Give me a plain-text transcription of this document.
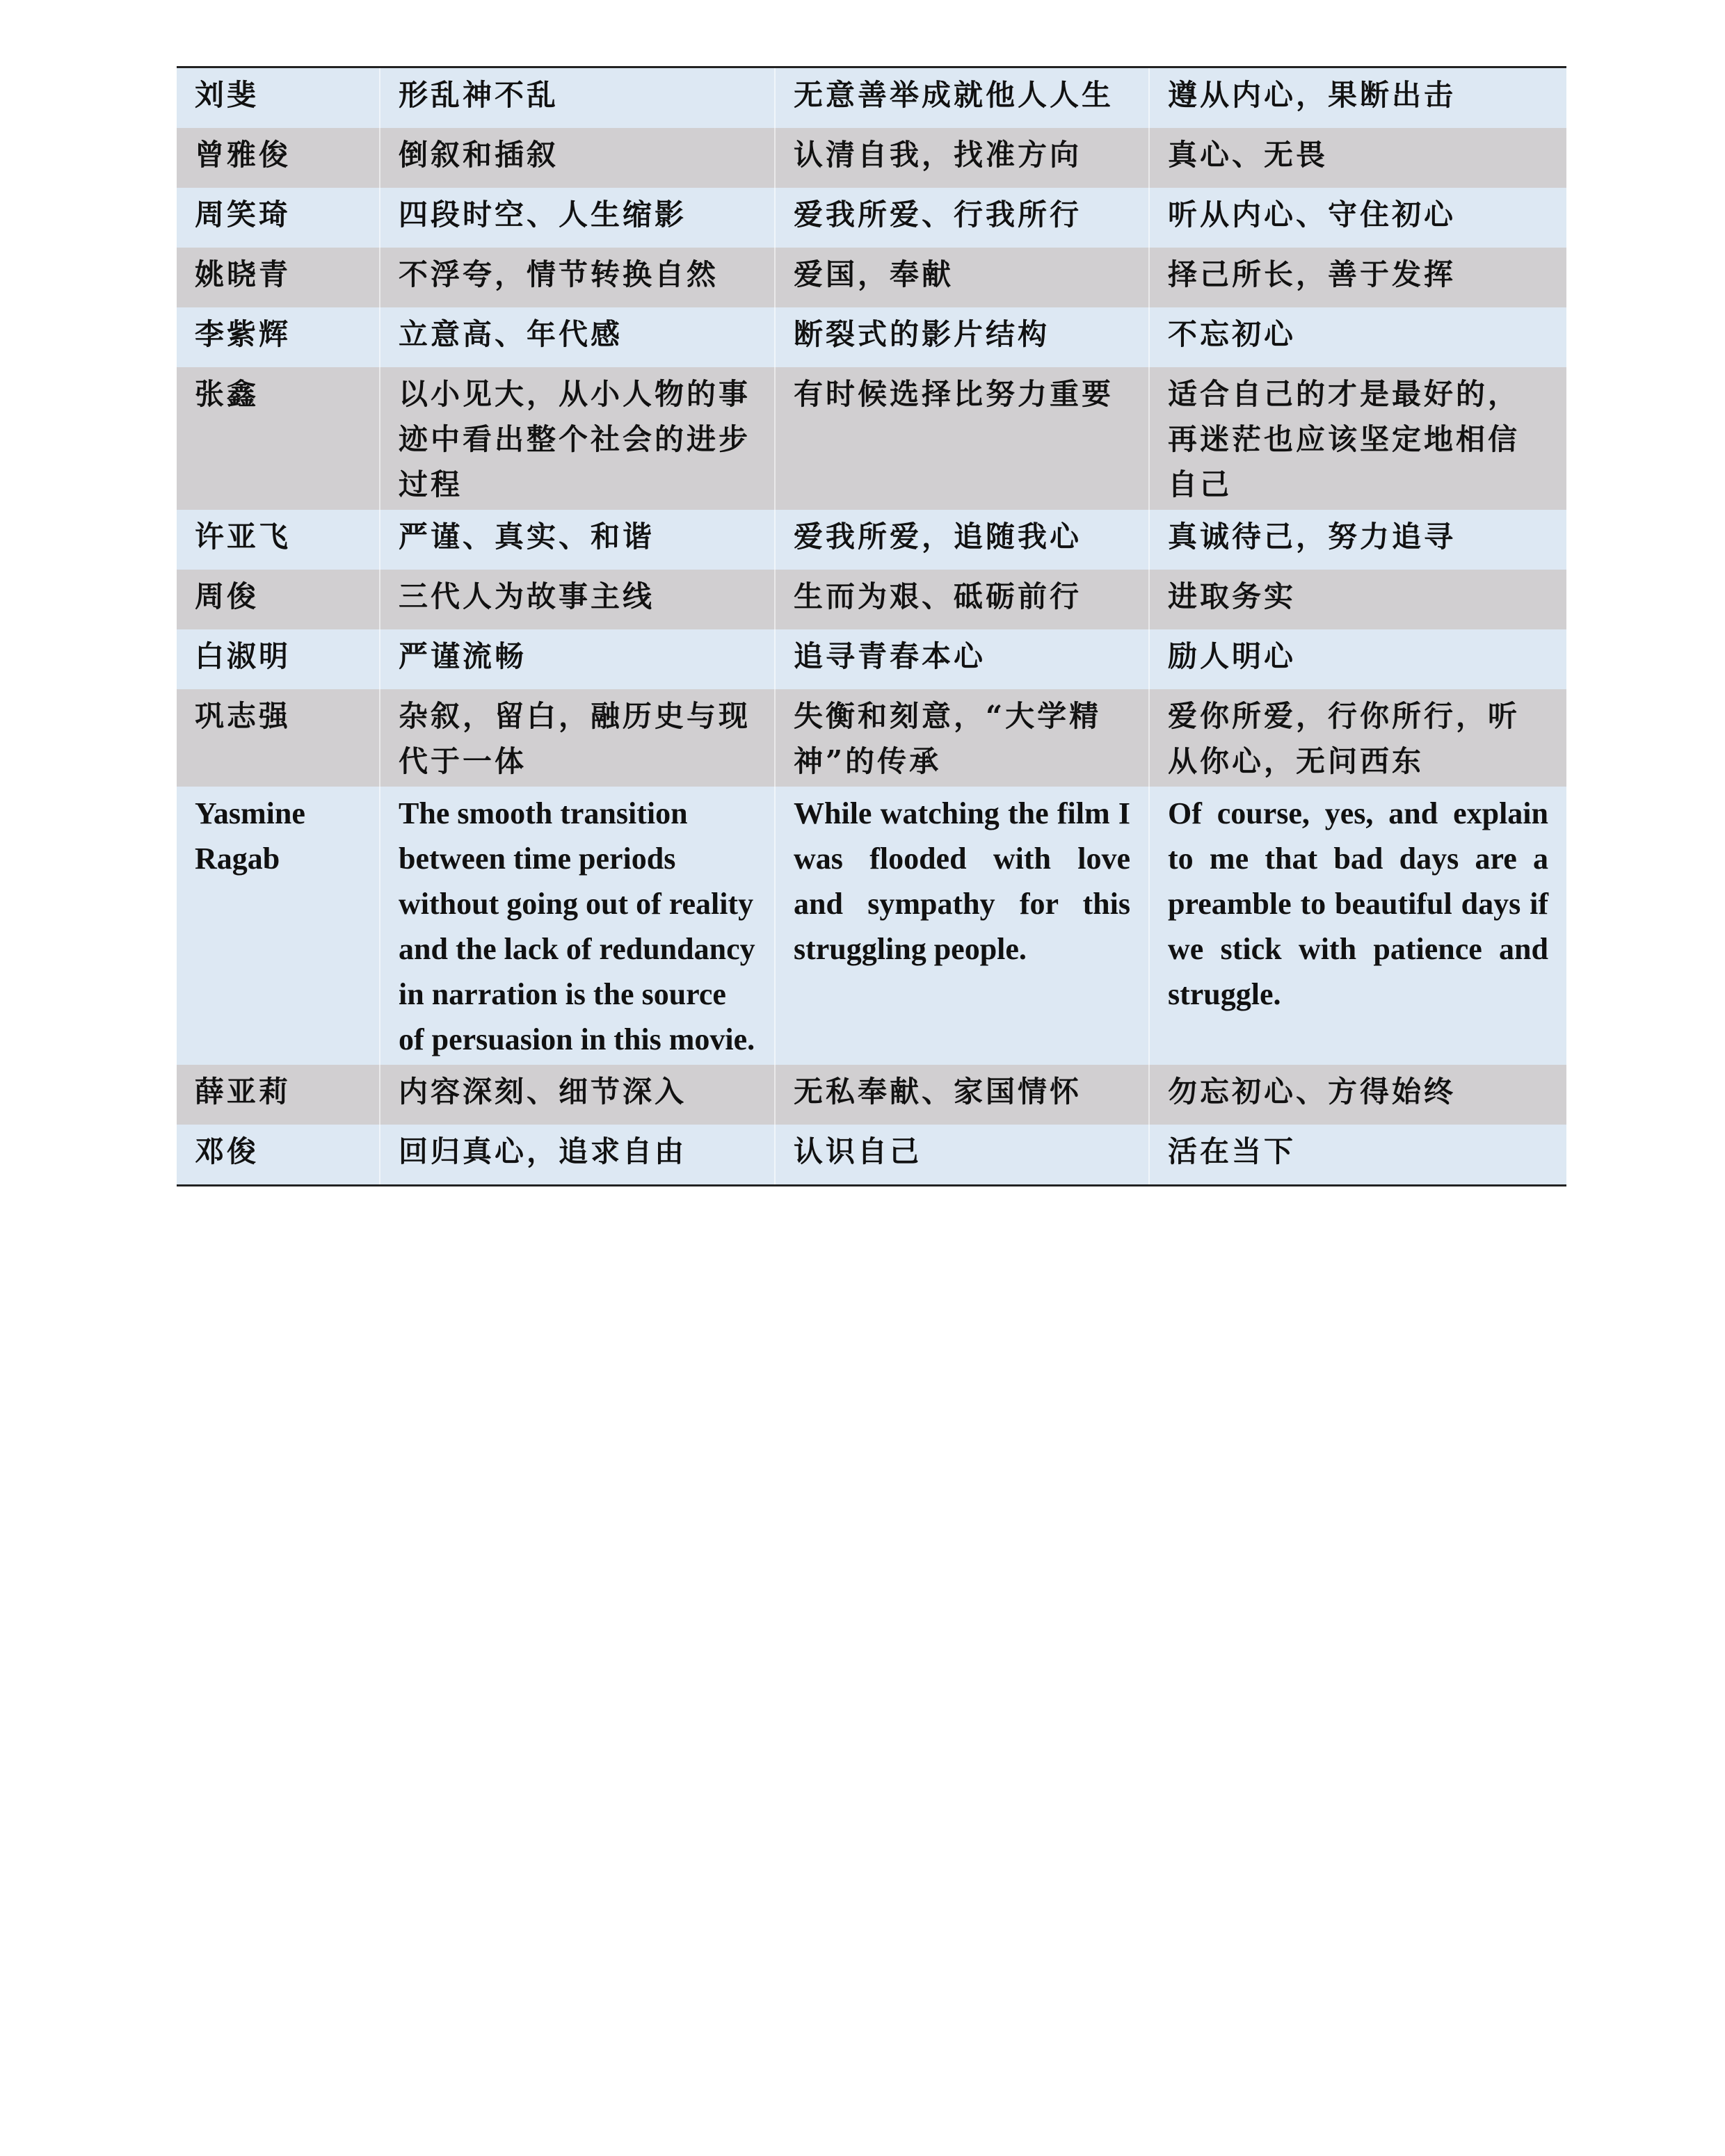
刘斐	形乱神不乱	无意善举成就他人人生	遵从内心，果断出击
曾雅俊	倒叙和插叙	认清自我，找准方向	真心、无畏
周笑琦	四段时空、人生缩影	爱我所爱、行我所行	听从内心、守住初心
姚晓青	不浮夸，情节转换自然	爱国，奉献	择己所长，善于发挥
李紫辉	立意高、年代感	断裂式的影片结构	不忘初心
张鑫	以小见大，从小人物的事迹中看出整个社会的进步过程	有时候选择比努力重要	适合自己的才是最好的，再迷茫也应该坚定地相信自己
许亚飞	严谨、真实、和谐	爱我所爱，追随我心	真诚待己，努力追寻
周俊	三代人为故事主线	生而为艰、砥砺前行	进取务实
白淑明	严谨流畅	追寻青春本心	励人明心
巩志强	杂叙，留白，融历史与现代于一体	失衡和刻意，“大学精神”的传承	爱你所爱，行你所行，听从你心，无问西东
Yasmine Ragab	The smooth transition between time periods without going out of reality and the lack of redundancy in narration is the source of persuasion in this movie.	While watching the film I was flooded with love and sympathy for this struggling people.	Of course, yes, and explain to me that bad days are a preamble to beautiful days if we stick with patience and struggle.
薛亚莉	内容深刻、细节深入	无私奉献、家国情怀	勿忘初心、方得始终
邓俊	回归真心，追求自由	认识自己	活在当下
